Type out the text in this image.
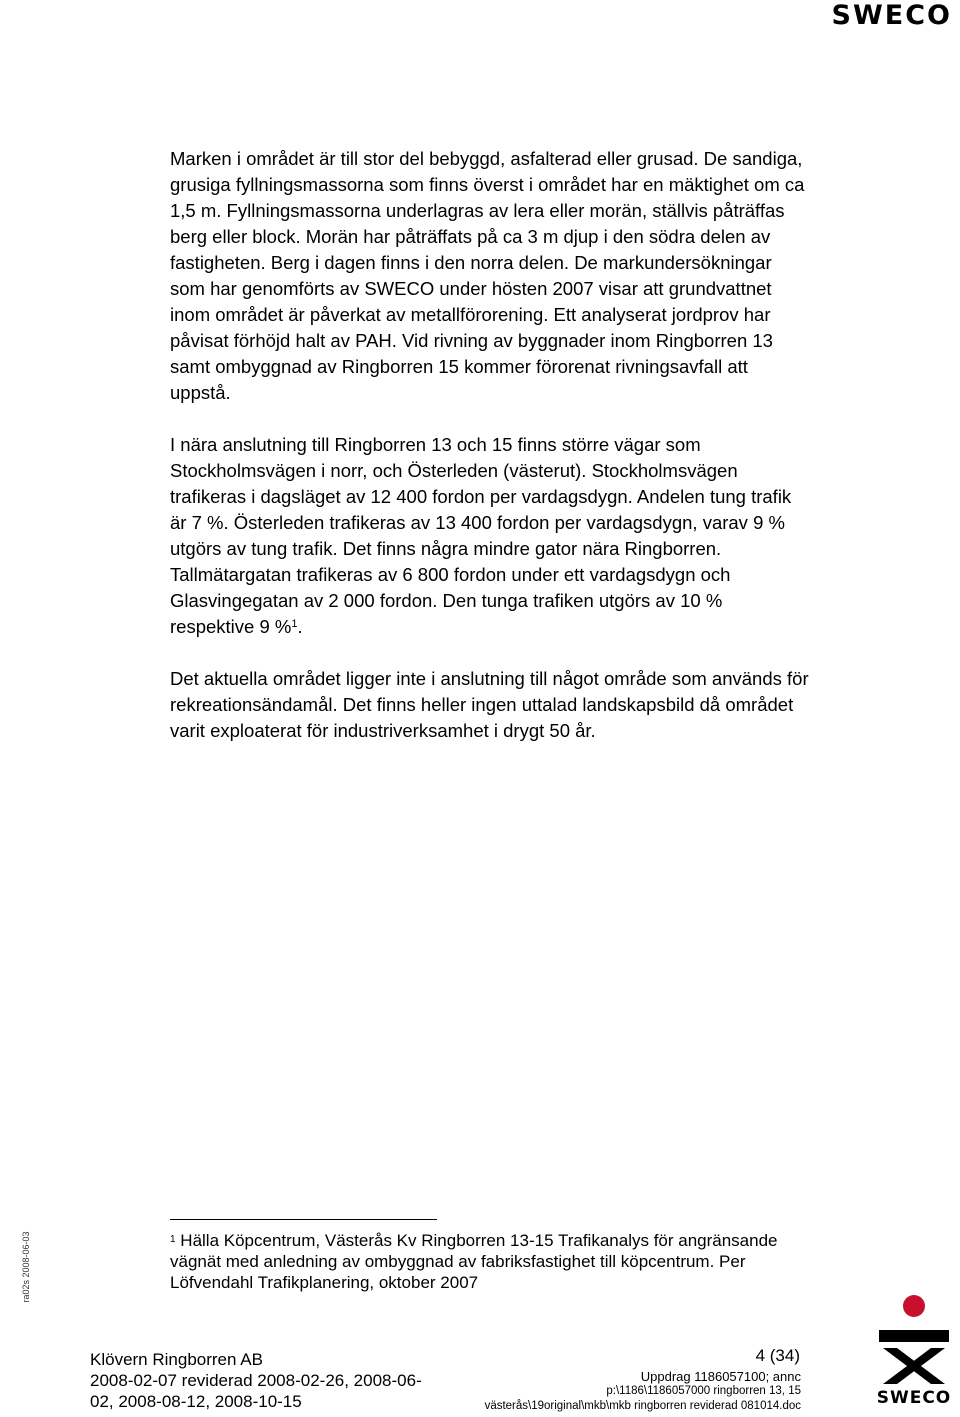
SWECO

Marken i området är till stor del bebyggd, asfalterad eller grusad. De sandiga, grusiga fyllningsmassorna som finns överst i området har en mäktighet om ca 1,5 m. Fyllningsmassorna underlagras av lera eller morän, ställvis påträffas berg eller block. Morän har påträffats på ca 3 m djup i den södra delen av fastigheten. Berg i dagen finns i den norra delen. De markundersökningar som har genomförts av SWECO under hösten 2007 visar att grundvattnet inom området är påverkat av metallförorening. Ett analyserat jordprov har påvisat förhöjd halt av PAH. Vid rivning av byggnader inom Ringborren 13 samt ombyggnad av Ringborren 15 kommer förorenat rivningsavfall att uppstå.

I nära anslutning till Ringborren 13 och 15 finns större vägar som Stockholmsvägen i norr, och Österleden (västerut). Stockholmsvägen trafikeras i dagsläget av 12 400 fordon per vardagsdygn. Andelen tung trafik är 7 %. Österleden trafikeras av 13 400 fordon per vardagsdygn, varav 9 % utgörs av tung trafik. Det finns några mindre gator nära Ringborren. Tallmätargatan trafikeras av 6 800 fordon under ett vardagsdygn och Glasvingegatan av 2 000 fordon. Den tunga trafiken utgörs av 10 % respektive 9 %$^1$.

Det aktuella området ligger inte i anslutning till något område som används för rekreationsändamål. Det finns heller ingen uttalad landskapsbild då området varit exploaterat för industriverksamhet i drygt 50 år.

ra02s 2008-06-03	$^1$ Hälla Köpcentrum, Västerås Kv Ringborren 13-15 Trafikanalys för angränsande vägnät med anledning av ombyggnad av fabriksfastighet till köpcentrum. Per Löfvendahl Trafikplanering, oktober 2007
Klövern Ringborren AB
2008-02-07 reviderad 2008-02-26, 2008-06-
02, 2008-08-12, 2008-10-15
4 (34)
Uppdrag 1186057100; annc
p:\1186\1186057000 ringborren 13, 15
västerås\19original\mkb\mkb ringborren reviderad 081014.doc	SWECO
